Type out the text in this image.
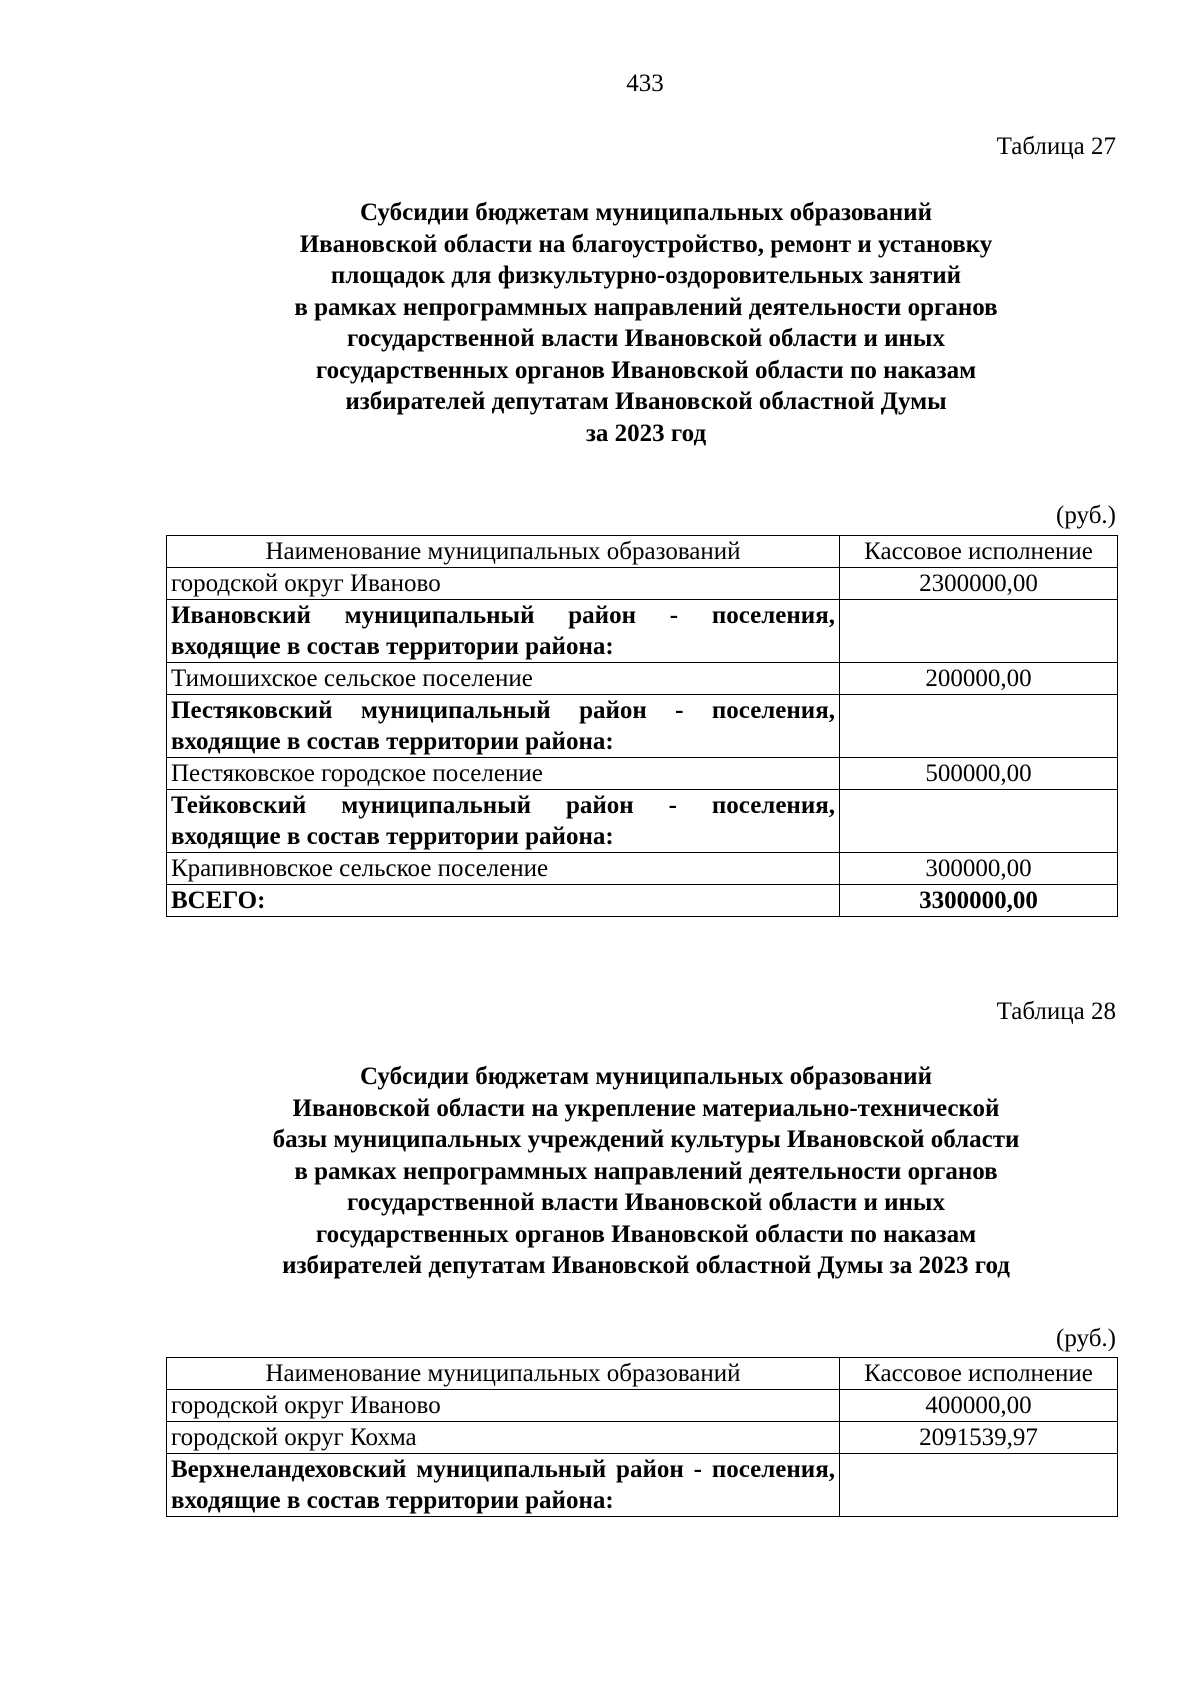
433
Таблица 27
Субсидии бюджетам муниципальных образований
Ивановской области на благоустройство, ремонт и установку
площадок для физкультурно-оздоровительных занятий
в рамках непрограммных направлений деятельности органов
государственной власти Ивановской области и иных
государственных органов Ивановской области по наказам
избирателей депутатам Ивановской областной Думы
за 2023 год
(руб.)
Наименование муниципальных образований	Кассовое исполнение
городской округ Иваново	2300000,00
Ивановский муниципальный район - поселения, входящие в состав территории района:	
Тимошихское сельское поселение	200000,00
Пестяковский муниципальный район - поселения, входящие в состав территории района:	
Пестяковское городское поселение	500000,00
Тейковский муниципальный район - поселения, входящие в состав территории района:	
Крапивновское сельское поселение	300000,00
ВСЕГО:	3300000,00
Таблица 28
Субсидии бюджетам муниципальных образований
Ивановской области на укрепление материально-технической
базы муниципальных учреждений культуры Ивановской области
в рамках непрограммных направлений деятельности органов
государственной власти Ивановской области и иных
государственных органов Ивановской области по наказам
избирателей депутатам Ивановской областной Думы за 2023 год
(руб.)
Наименование муниципальных образований	Кассовое исполнение
городской округ Иваново	400000,00
городской округ Кохма	2091539,97
Верхнеландеховский муниципальный район - поселения, входящие в состав территории района:	
